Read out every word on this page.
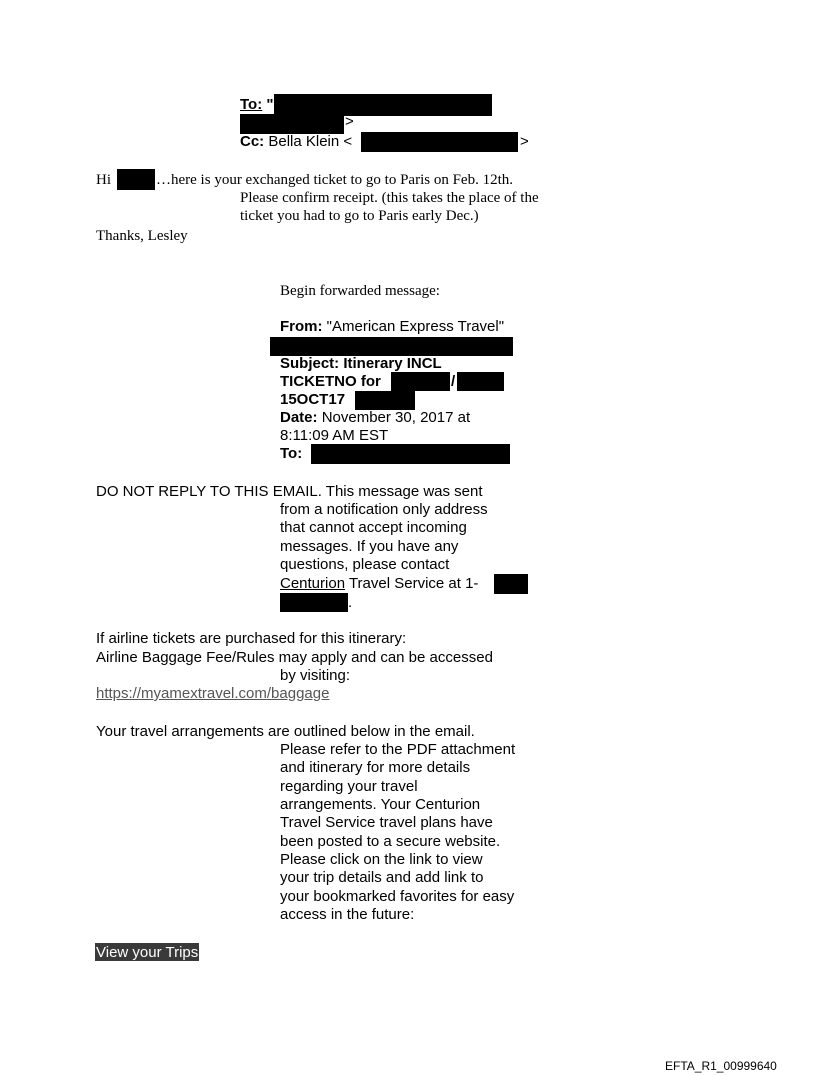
To: "
>
Cc: Bella Klein <	>
Hi	…here is your exchanged ticket to go to Paris on Feb. 12th.
Please confirm receipt. (this takes the place of the
ticket you had to go to Paris early Dec.)
Thanks, Lesley
Begin forwarded message:
From: "American Express Travel"
Subject: Itinerary INCL
TICKETNO for	/
15OCT17
Date: November 30, 2017 at
8:11:09 AM EST
To:
DO NOT REPLY TO THIS EMAIL. This message was sent
from a notification only address
that cannot accept incoming
messages. If you have any
questions, please contact
Centurion Travel Service at 1-
.
If airline tickets are purchased for this itinerary:
Airline Baggage Fee/Rules may apply and can be accessed
by visiting:
https://myamextravel.com/baggage
Your travel arrangements are outlined below in the email.
Please refer to the PDF attachment
and itinerary for more details
regarding your travel
arrangements. Your Centurion
Travel Service travel plans have
been posted to a secure website.
Please click on the link to view
your trip details and add link to
your bookmarked favorites for easy
access in the future:
View your Trips
EFTA_R1_00999640
